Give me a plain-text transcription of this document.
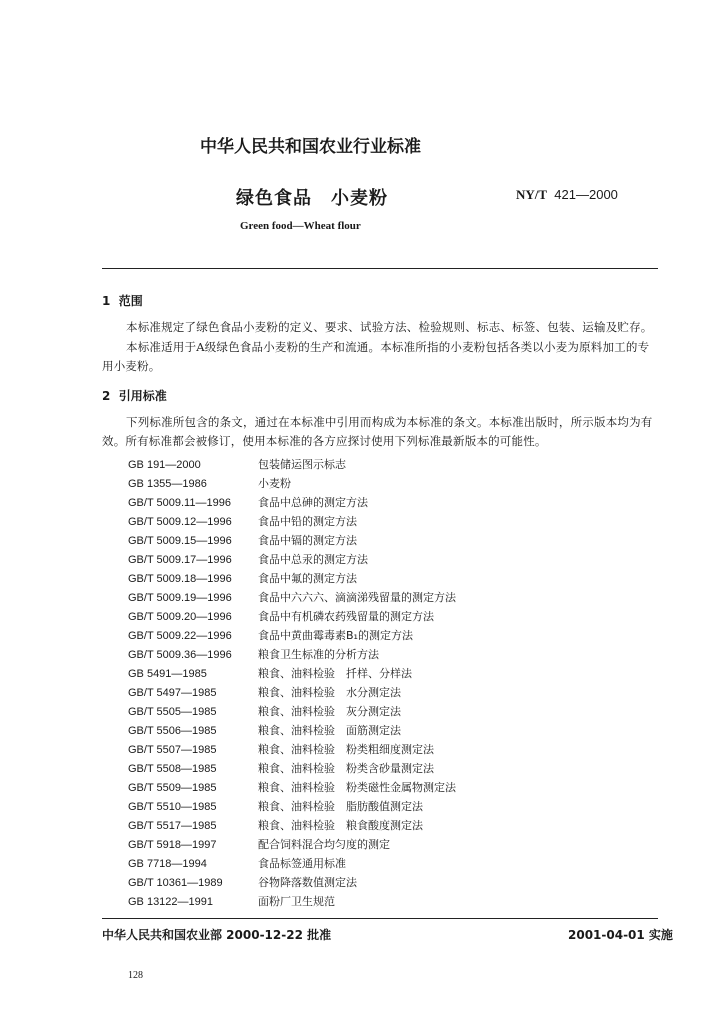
中华人民共和国农业行业标准
绿色食品　小麦粉	NY/T 421—2000
Green food—Wheat flour
1 范围
本标准规定了绿色食品小麦粉的定义、要求、试验方法、检验规则、标志、标签、包装、运输及贮存。
本标准适用于A级绿色食品小麦粉的生产和流通。本标准所指的小麦粉包括各类以小麦为原料加工的专用小麦粉。
2 引用标准
下列标准所包含的条文，通过在本标准中引用而构成为本标准的条文。本标准出版时，所示版本均为有效。所有标准都会被修订，使用本标准的各方应探讨使用下列标准最新版本的可能性。
GB 191—2000	包装储运图示标志
GB 1355—1986	小麦粉
GB/T 5009.11—1996 食品中总砷的测定方法
GB/T 5009.12—1996 食品中铅的测定方法
GB/T 5009.15—1996 食品中镉的测定方法
GB/T 5009.17—1996 食品中总汞的测定方法
GB/T 5009.18—1996 食品中氟的测定方法
GB/T 5009.19—1996 食品中六六六、滴滴涕残留量的测定方法
GB/T 5009.20—1996 食品中有机磷农药残留量的测定方法
GB/T 5009.22—1996 食品中黄曲霉毒素B₁的测定方法
GB/T 5009.36—1996 粮食卫生标准的分析方法
GB 5491—1985	粮食、油料检验　扦样、分样法
GB/T 5497—1985	粮食、油料检验　水分测定法
GB/T 5505—1985	粮食、油料检验　灰分测定法
GB/T 5506—1985	粮食、油料检验　面筋测定法
GB/T 5507—1985	粮食、油料检验　粉类粗细度测定法
GB/T 5508—1985	粮食、油料检验　粉类含砂量测定法
GB/T 5509—1985	粮食、油料检验　粉类磁性金属物测定法
GB/T 5510—1985	粮食、油料检验　脂肪酸值测定法
GB/T 5517—1985	粮食、油料检验　粮食酸度测定法
GB/T 5918—1997	配合饲料混合均匀度的测定
GB 7718—1994	食品标签通用标准
GB/T 10361—1989	谷物降落数值测定法
GB 13122—1991	面粉厂卫生规范
中华人民共和国农业部 2000-12-22 批准	2001-04-01 实施
128
